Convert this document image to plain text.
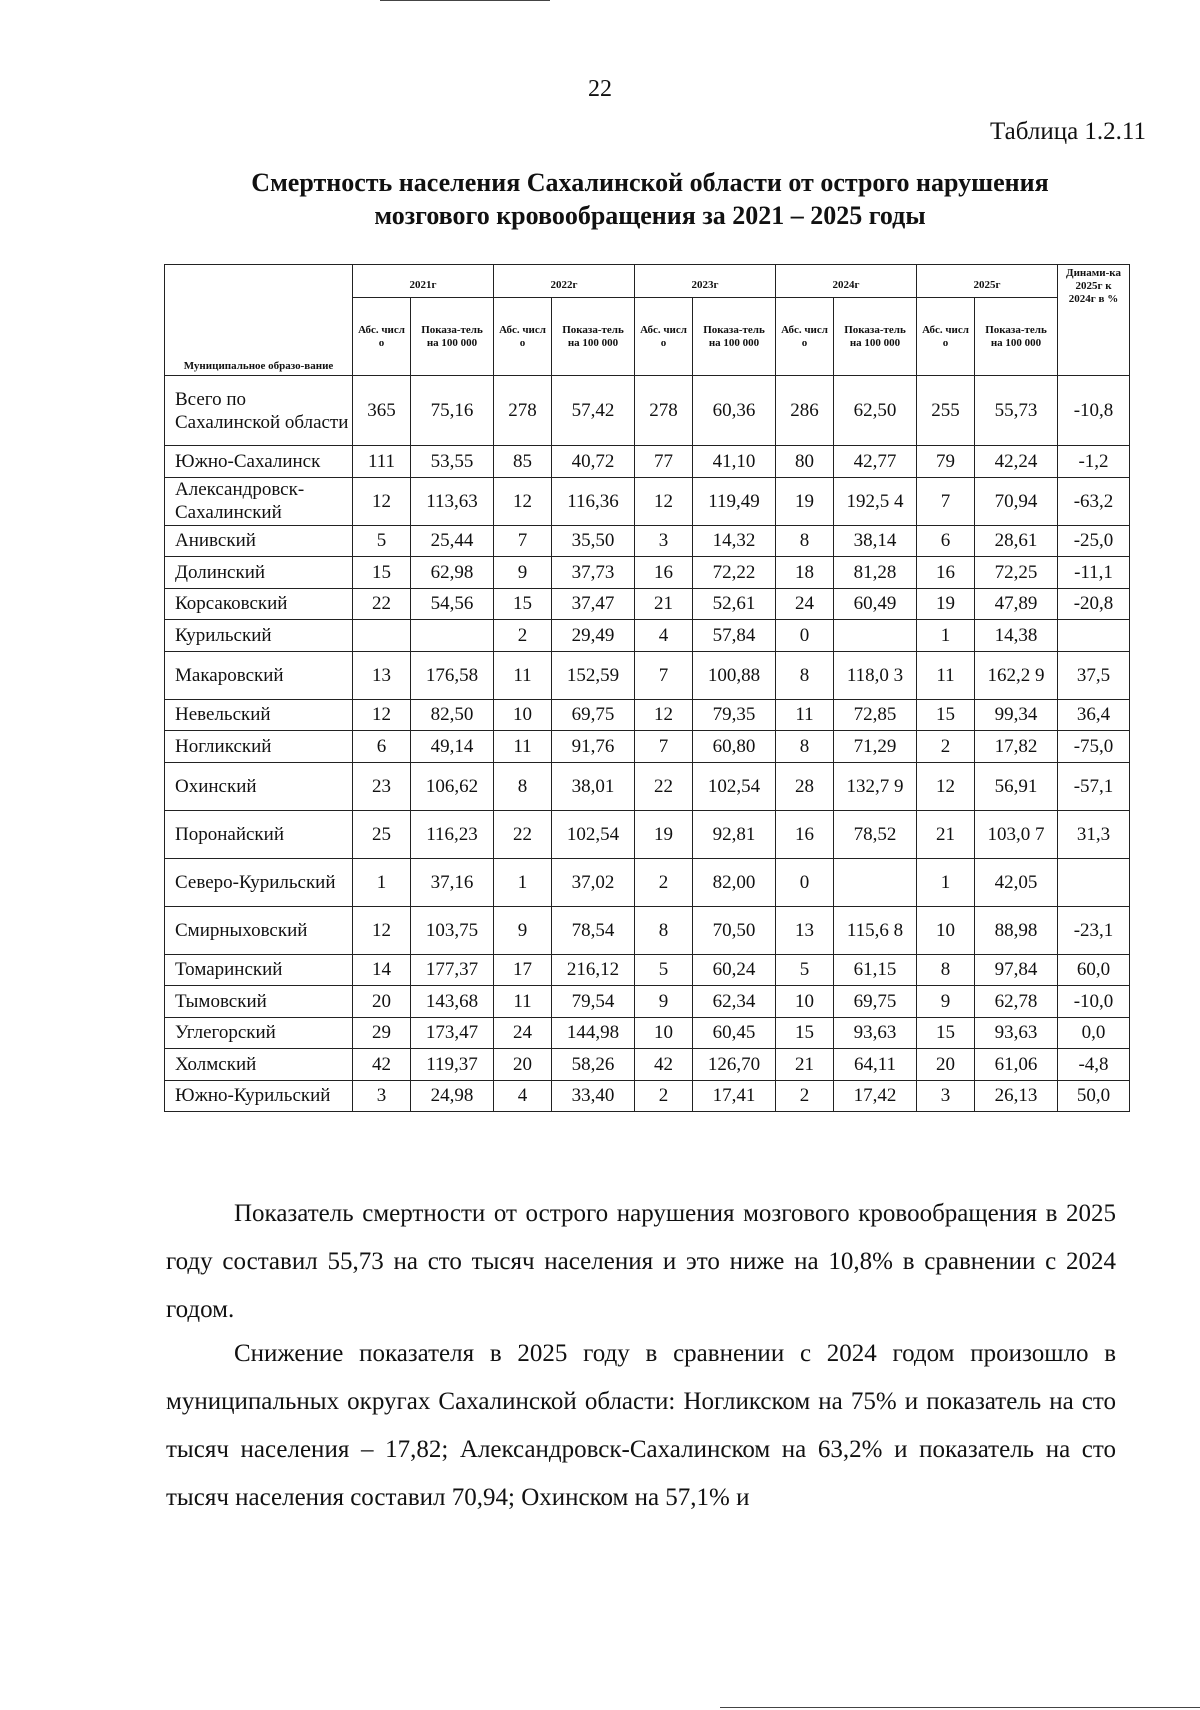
22
Таблица 1.2.11
Смертность населения Сахалинской области от острого нарушения
мозгового кровообращения за 2021 – 2025 годы
Муниципальное образо-вание	2021г		2022г		2023г		2024г		2025г		Динами-ка 2025г к 2024г в %
	Абс. числ о	Показа-тель на 100 000	Абс. числ о	Показа-тель на 100 000	Абс. числ о	Показа-тель на 100 000	Абс. числ о	Показа-тель на 100 000	Абс. числ о	Показа-тель на 100 000	
Всего по Сахалинской области	365	75,16	278	57,42	278	60,36	286	62,50	255	55,73	-10,8
Южно-Сахалинск	111	53,55	85	40,72	77	41,10	80	42,77	79	42,24	-1,2
Александровск-Сахалинский	12	113,63	12	116,36	12	119,49	19	192,5 4	7	70,94	-63,2
Анивский	5	25,44	7	35,50	3	14,32	8	38,14	6	28,61	-25,0
Долинский	15	62,98	9	37,73	16	72,22	18	81,28	16	72,25	-11,1
Корсаковский	22	54,56	15	37,47	21	52,61	24	60,49	19	47,89	-20,8
Курильский			2	29,49	4	57,84	0		1	14,38	
Макаровский	13	176,58	11	152,59	7	100,88	8	118,0 3	11	162,2 9	37,5
Невельский	12	82,50	10	69,75	12	79,35	11	72,85	15	99,34	36,4
Ногликский	6	49,14	11	91,76	7	60,80	8	71,29	2	17,82	-75,0
Охинский	23	106,62	8	38,01	22	102,54	28	132,7 9	12	56,91	-57,1
Поронайский	25	116,23	22	102,54	19	92,81	16	78,52	21	103,0 7	31,3
Северо-Курильский	1	37,16	1	37,02	2	82,00	0		1	42,05	
Смирныховский	12	103,75	9	78,54	8	70,50	13	115,6 8	10	88,98	-23,1
Томаринский	14	177,37	17	216,12	5	60,24	5	61,15	8	97,84	60,0
Тымовский	20	143,68	11	79,54	9	62,34	10	69,75	9	62,78	-10,0
Углегорский	29	173,47	24	144,98	10	60,45	15	93,63	15	93,63	0,0
Холмский	42	119,37	20	58,26	42	126,70	21	64,11	20	61,06	-4,8
Южно-Курильский	3	24,98	4	33,40	2	17,41	2	17,42	3	26,13	50,0

Показатель смертности от острого нарушения мозгового кровообращения в 2025 году составил 55,73 на сто тысяч населения и это ниже на 10,8% в сравнении с 2024 годом.

Снижение показателя в 2025 году в сравнении с 2024 годом произошло в муниципальных округах Сахалинской области: Ногликском на 75% и показатель на сто тысяч населения – 17,82; Александровск-Сахалинском на 63,2% и показатель на сто тысяч населения составил 70,94; Охинском на 57,1% и
